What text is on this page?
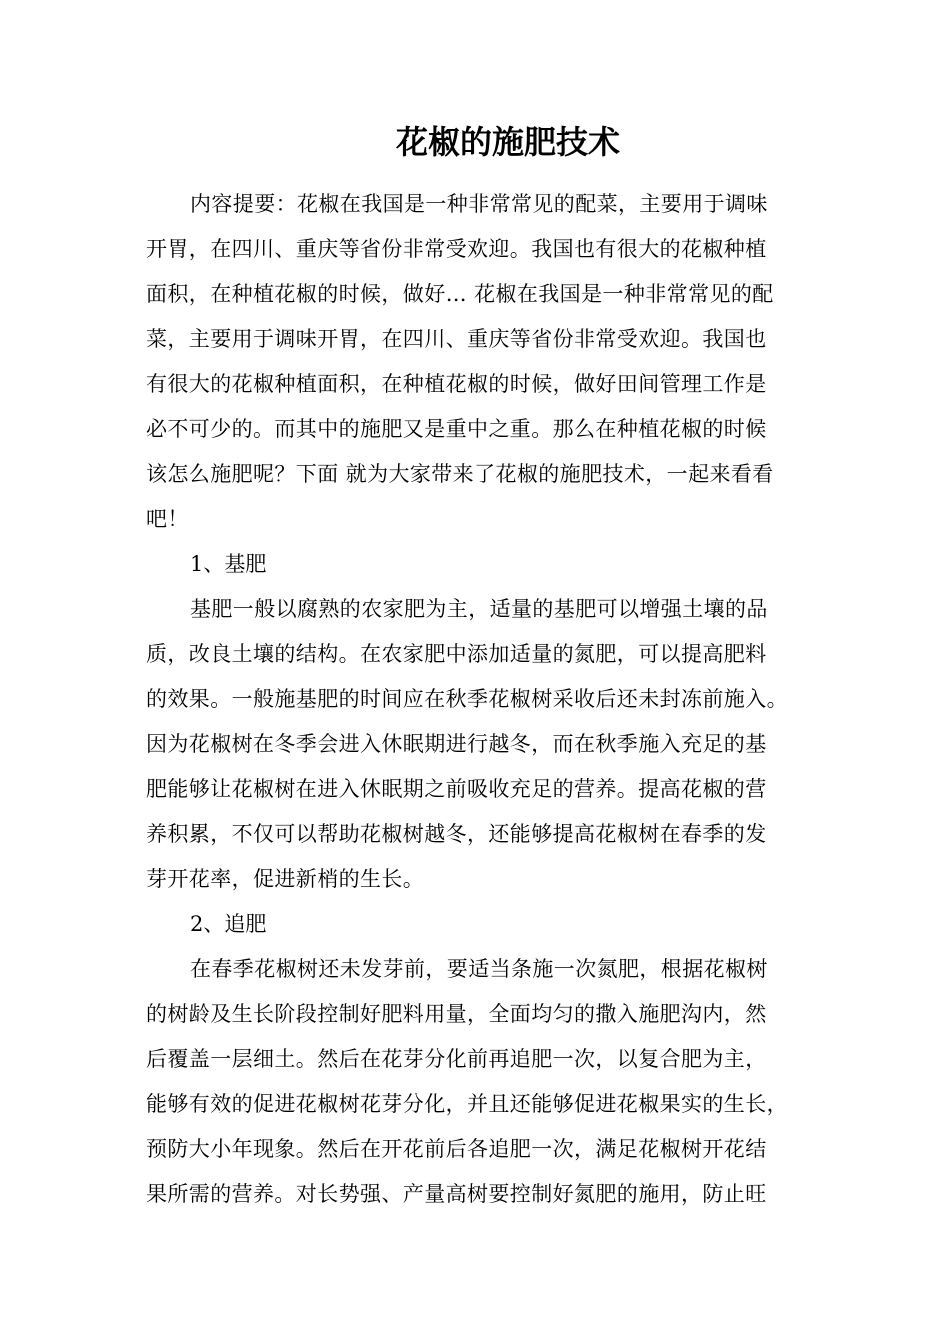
花椒的施肥技术
内容提要：花椒在我国是一种非常常见的配菜，主要用于调味
开胃，在四川、重庆等省份非常受欢迎。我国也有很大的花椒种植
面积，在种植花椒的时候，做好… 花椒在我国是一种非常常见的配
菜，主要用于调味开胃，在四川、重庆等省份非常受欢迎。我国也
有很大的花椒种植面积，在种植花椒的时候，做好田间管理工作是
必不可少的。而其中的施肥又是重中之重。那么在种植花椒的时候
该怎么施肥呢？下面 就为大家带来了花椒的施肥技术，一起来看看
吧！

1、基肥

基肥一般以腐熟的农家肥为主，适量的基肥可以增强土壤的品
质，改良土壤的结构。在农家肥中添加适量的氮肥，可以提高肥料
的效果。一般施基肥的时间应在秋季花椒树采收后还未封冻前施入。
因为花椒树在冬季会进入休眠期进行越冬，而在秋季施入充足的基
肥能够让花椒树在进入休眠期之前吸收充足的营养。提高花椒的营
养积累，不仅可以帮助花椒树越冬，还能够提高花椒树在春季的发
芽开花率，促进新梢的生长。

2、追肥

在春季花椒树还未发芽前，要适当条施一次氮肥，根据花椒树
的树龄及生长阶段控制好肥料用量，全面均匀的撒入施肥沟内，然
后覆盖一层细土。然后在花芽分化前再追肥一次，以复合肥为主，
能够有效的促进花椒树花芽分化，并且还能够促进花椒果实的生长，
预防大小年现象。然后在开花前后各追肥一次，满足花椒树开花结
果所需的营养。对长势强、产量高树要控制好氮肥的施用，防止旺
